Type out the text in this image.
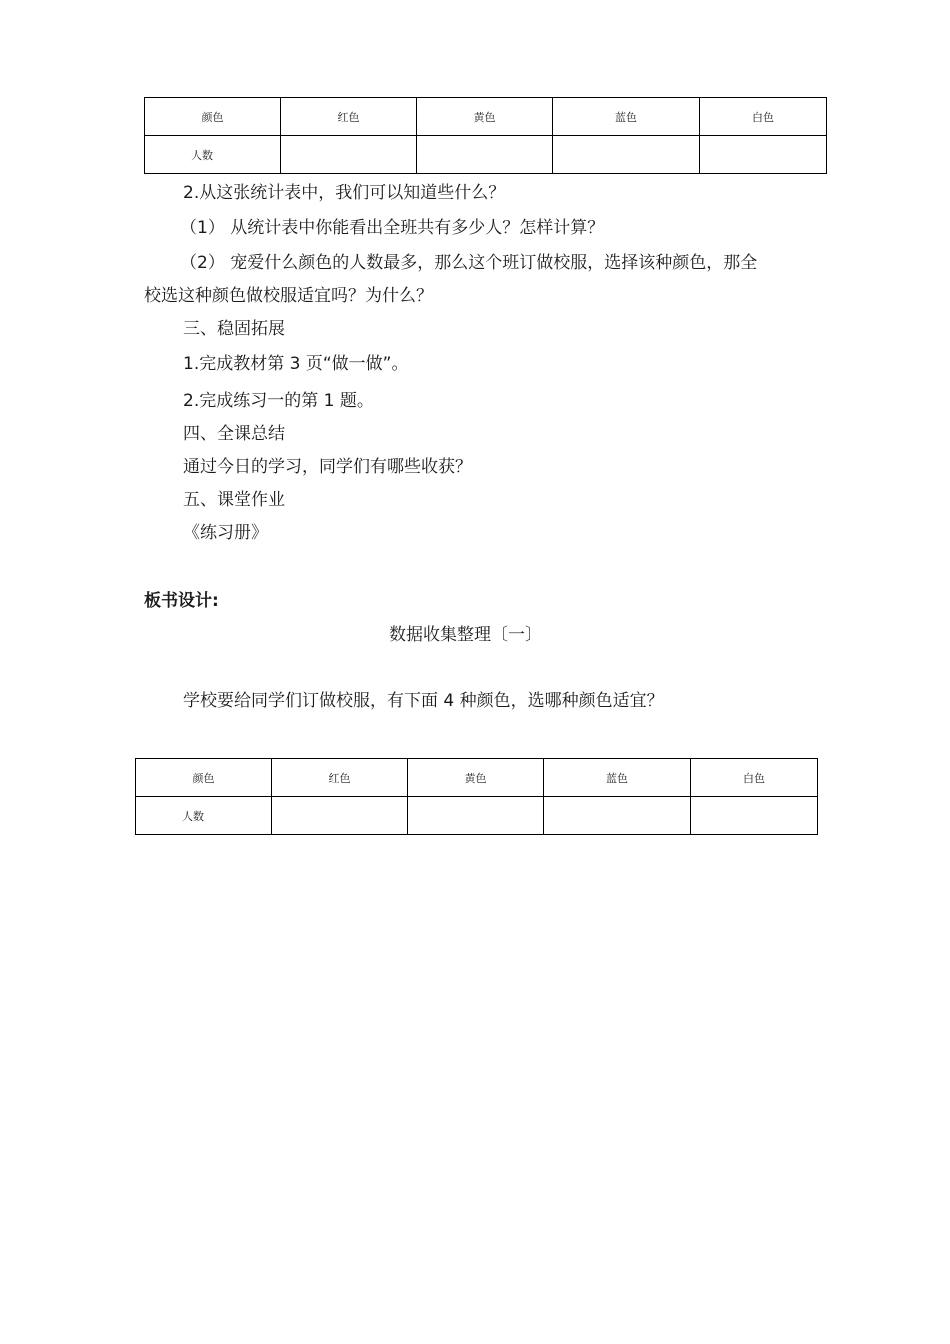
颜色	红色	黄色	蓝色	白色
人数				
2.从这张统计表中，我们可以知道些什么？
（1） 从统计表中你能看出全班共有多少人？怎样计算？
（2） 宠爱什么颜色的人数最多，那么这个班订做校服，选择该种颜色，那全
校选这种颜色做校服适宜吗？为什么？
三、稳固拓展
1.完成教材第 3 页“做一做”。
2.完成练习一的第 1 题。
四、全课总结
通过今日的学习，同学们有哪些收获？
五、课堂作业
《练习册》
板书设计:
数据收集整理〔一〕
学校要给同学们订做校服，有下面 4 种颜色，选哪种颜色适宜？
颜色	红色	黄色	蓝色	白色
人数				
